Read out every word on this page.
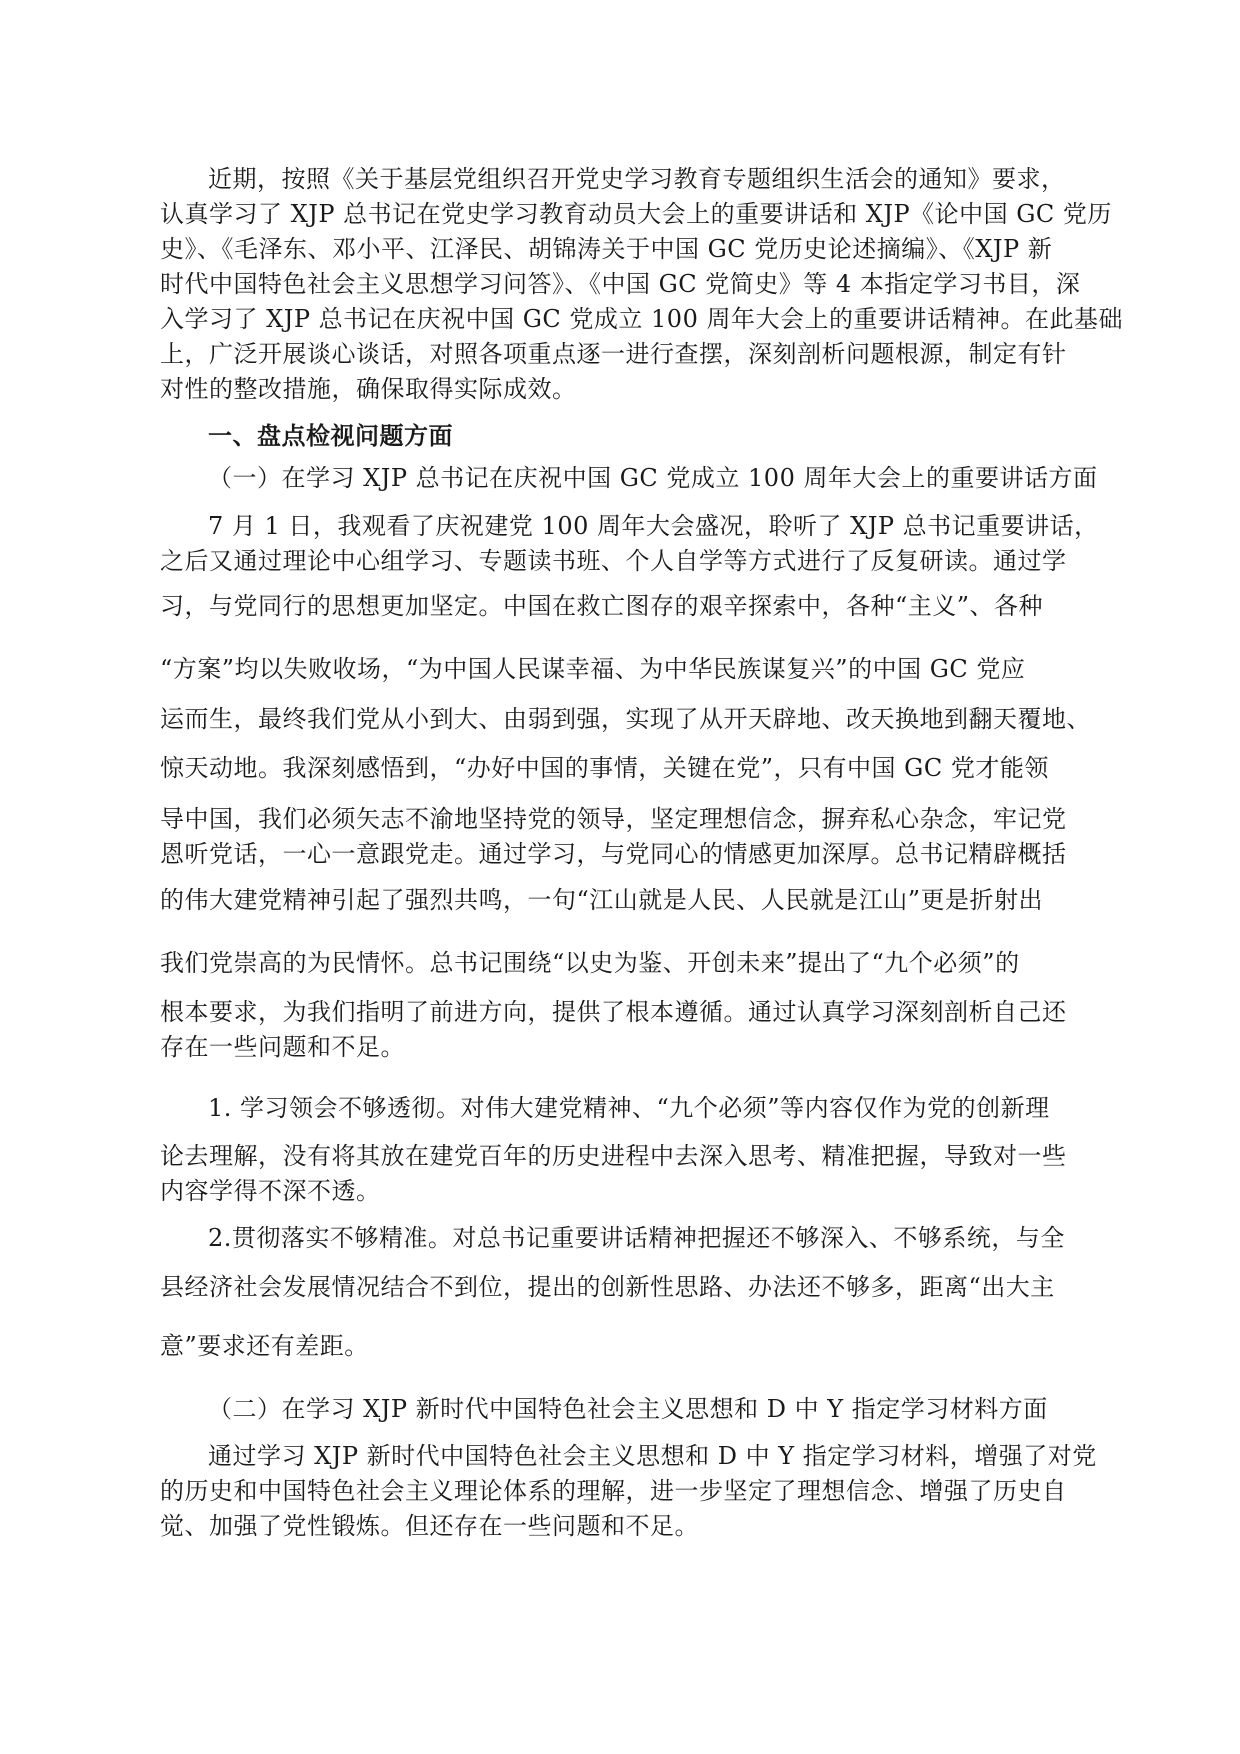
近期，按照《关于基层党组织召开党史学习教育专题组织生活会的通知》要求，
认真学习了 XJP 总书记在党史学习教育动员大会上的重要讲话和 XJP《论中国 GC 党历
史》、《毛泽东、邓小平、江泽民、胡锦涛关于中国 GC 党历史论述摘编》、《XJP 新
时代中国特色社会主义思想学习问答》、《中国 GC 党简史》等 4 本指定学习书目，深
入学习了 XJP 总书记在庆祝中国 GC 党成立 100 周年大会上的重要讲话精神。在此基础
上，广泛开展谈心谈话，对照各项重点逐一进行查摆，深刻剖析问题根源，制定有针
对性的整改措施，确保取得实际成效。
一、盘点检视问题方面
（一）在学习 XJP 总书记在庆祝中国 GC 党成立 100 周年大会上的重要讲话方面
7 月 1 日，我观看了庆祝建党 100 周年大会盛况，聆听了 XJP 总书记重要讲话，
之后又通过理论中心组学习、专题读书班、个人自学等方式进行了反复研读。通过学
习，与党同行的思想更加坚定。中国在救亡图存的艰辛探索中，各种“主义”、各种
“方案”均以失败收场，“为中国人民谋幸福、为中华民族谋复兴”的中国 GC 党应
运而生，最终我们党从小到大、由弱到强，实现了从开天辟地、改天换地到翻天覆地、
惊天动地。我深刻感悟到，“办好中国的事情，关键在党”，只有中国 GC 党才能领
导中国，我们必须矢志不渝地坚持党的领导，坚定理想信念，摒弃私心杂念，牢记党
恩听党话，一心一意跟党走。通过学习，与党同心的情感更加深厚。总书记精辟概括
的伟大建党精神引起了强烈共鸣，一句“江山就是人民、人民就是江山”更是折射出
我们党崇高的为民情怀。总书记围绕“以史为鉴、开创未来”提出了“九个必须”的
根本要求，为我们指明了前进方向，提供了根本遵循。通过认真学习深刻剖析自己还
存在一些问题和不足。
1. 学习领会不够透彻。对伟大建党精神、“九个必须”等内容仅作为党的创新理
论去理解，没有将其放在建党百年的历史进程中去深入思考、精准把握，导致对一些
内容学得不深不透。
2.贯彻落实不够精准。对总书记重要讲话精神把握还不够深入、不够系统，与全
县经济社会发展情况结合不到位，提出的创新性思路、办法还不够多，距离“出大主
意”要求还有差距。
（二）在学习 XJP 新时代中国特色社会主义思想和 D 中 Y 指定学习材料方面
通过学习 XJP 新时代中国特色社会主义思想和 D 中 Y 指定学习材料，增强了对党
的历史和中国特色社会主义理论体系的理解，进一步坚定了理想信念、增强了历史自
觉、加强了党性锻炼。但还存在一些问题和不足。
